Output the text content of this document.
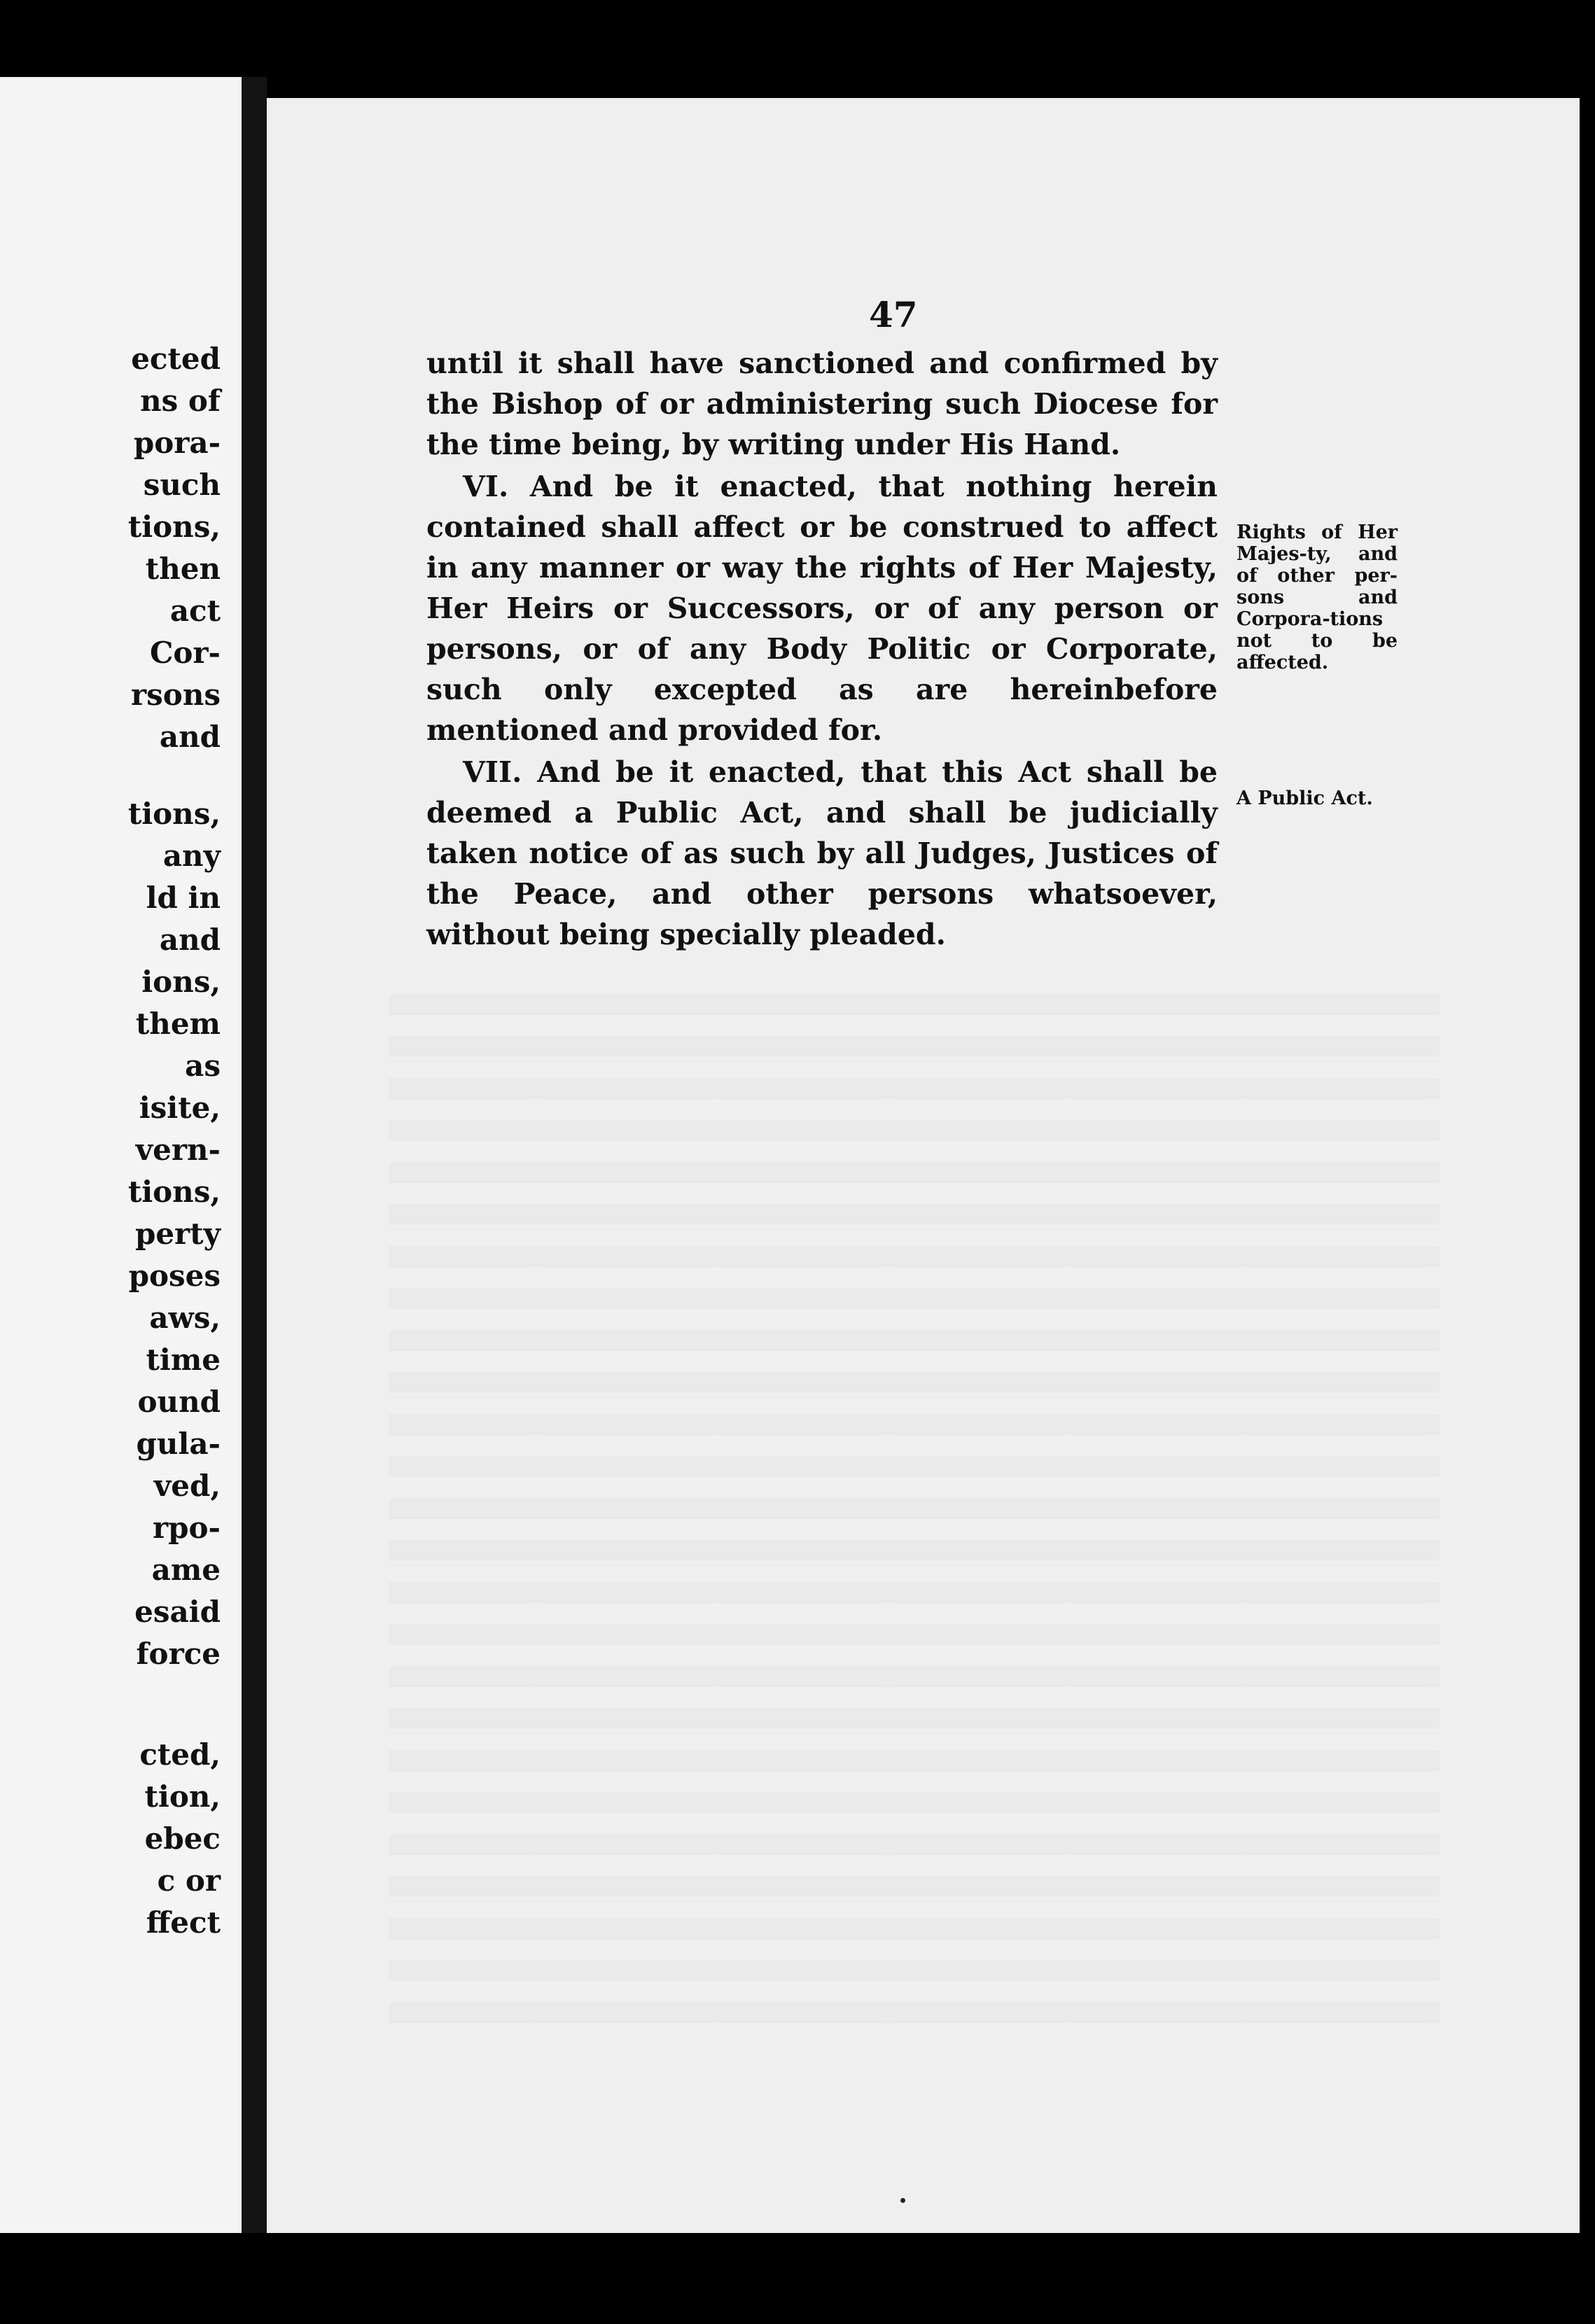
ected
ns of
pora-
such
tions,
then
act
Cor-
rsons
and
tions,
any
ld in
and
ions,
them
as
isite,
vern-
tions,
perty
poses
aws,
time
ound
gula-
ved,
rpo-
ame
esaid
force
cted,
tion,
ebec
c or
ffect

47

until it shall have sanctioned and confirmed by the Bishop of or administering such Diocese for the time being, by writing under His Hand.

VI. And be it enacted, that nothing herein contained shall affect or be construed to affect in any manner or way the rights of Her Majesty, Her Heirs or Successors, or of any person or persons, or of any Body Politic or Corporate, such only excepted as are hereinbefore mentioned and provided for.

VII. And be it enacted, that this Act shall be deemed a Public Act, and shall be judicially taken notice of as such by all Judges, Justices of the Peace, and other persons whatsoever, without being specially pleaded.

Rights of Her Majes-ty, and of other per-sons and Corpora-tions not to be affected.
A Public Act.
